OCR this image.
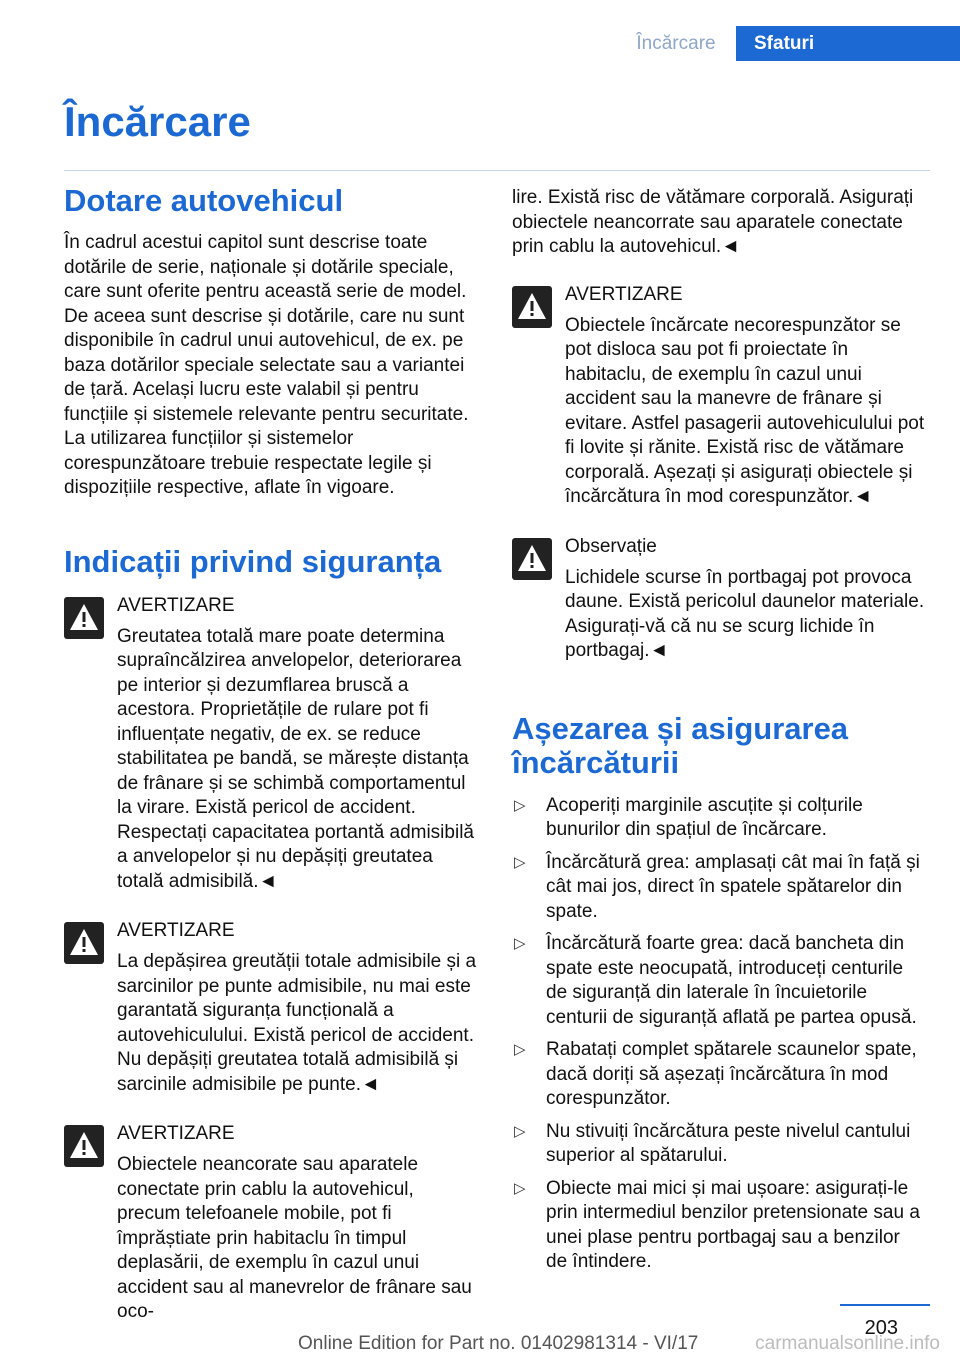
Încărcare	Sfaturi
Încărcare
Dotare autovehicul

În cadrul acestui capitol sunt descrise toate dotările de serie, naționale și dotările speciale, care sunt oferite pentru această serie de model. De aceea sunt descrise și dotările, care nu sunt disponibile în cadrul unui autovehicul, de ex. pe baza dotărilor speciale selectate sau a variantei de țară. Același lucru este valabil și pentru funcțiile și sistemele relevante pentru securitate. La utilizarea funcțiilor și sistemelor corespunzătoare trebuie respectate legile și dispozițiile respective, aflate în vigoare.

Indicații privind siguranța
AVERTIZARE
Greutatea totală mare poate determina supraîncălzirea anvelopelor, deteriorarea pe interior și dezumflarea bruscă a acestora. Proprietățile de rulare pot fi influențate negativ, de ex. se reduce stabilitatea pe bandă, se mărește distanța de frânare și se schimbă comportamentul la virare. Există pericol de accident. Respectați capacitatea portantă admisibilă a anvelopelor și nu depășiți greutatea totală admisibilă.◄
AVERTIZARE
La depășirea greutății totale admisibile și a sarcinilor pe punte admisibile, nu mai este garantată siguranța funcțională a autovehiculului. Există pericol de accident. Nu depășiți greutatea totală admisibilă și sarcinile admisibile pe punte.◄
AVERTIZARE
Obiectele neancorate sau aparatele conectate prin cablu la autovehicul, precum telefoanele mobile, pot fi împrăștiate prin habitaclu în timpul deplasării, de exemplu în cazul unui accident sau al manevrelor de frânare sau oco-

lire. Există risc de vătămare corporală. Asigurați obiectele neancorrate sau aparatele conectate prin cablu la autovehicul.◄

AVERTIZARE
Obiectele încărcate necorespunzător se pot disloca sau pot fi proiectate în habitaclu, de exemplu în cazul unui accident sau la manevre de frânare și evitare. Astfel pasagerii autovehiculului pot fi lovite și rănite. Există risc de vătămare corporală. Așezați și asigurați obiectele și încărcătura în mod corespunzător.◄
Observație
Lichidele scurse în portbagaj pot provoca daune. Există pericolul daunelor materiale. Asigurați-vă că nu se scurg lichide în portbagaj.◄
Așezarea și asigurarea încărcăturii
▷ Acoperiți marginile ascuțite și colțurile bunurilor din spațiul de încărcare.
▷ Încărcătură grea: amplasați cât mai în față și cât mai jos, direct în spatele spătarelor din spate.
▷ Încărcătură foarte grea: dacă bancheta din spate este neocupată, introduceți centurile de siguranță din laterale în încuietorile centurii de siguranță aflată pe partea opusă.
▷ Rabatați complet spătarele scaunelor spate, dacă doriți să așezați încărcătura în mod corespunzător.
▷ Nu stivuiți încărcătura peste nivelul cantului superior al spătarului.
▷ Obiecte mai mici și mai ușoare: asigurați-le prin intermediul benzilor pretensionate sau a unei plase pentru portbagaj sau a benzilor de întindere.
203
Online Edition for Part no. 01402981314 - VI/17	carmanualsonline.info
